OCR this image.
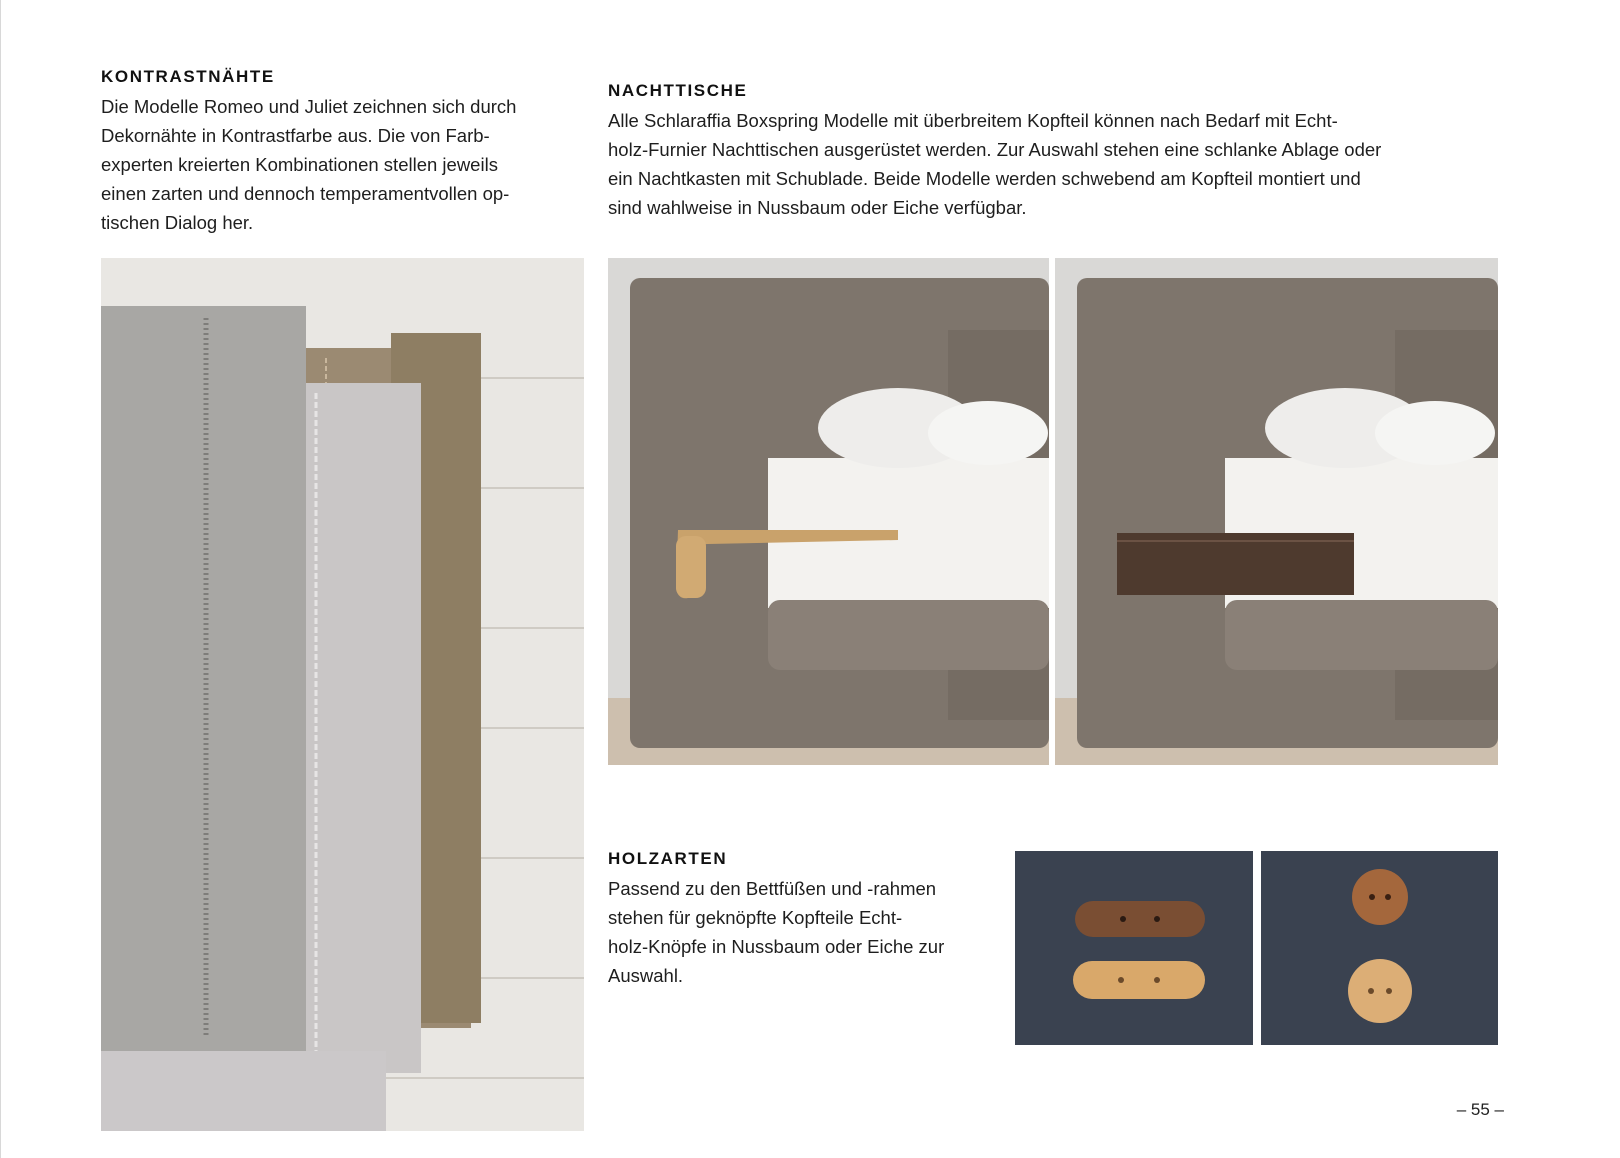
KONTRASTNÄHTE
Die Modelle Romeo und Juliet zeichnen sich durch
Dekornähte in Kontrastfarbe aus. Die von Farb-
experten kreierten Kombinationen stellen jeweils
einen zarten und dennoch temperamentvollen op-
tischen Dialog her.
NACHTTISCHE
Alle Schlaraffia Boxspring Modelle mit überbreitem Kopfteil können nach Bedarf mit Echt-
holz-Furnier Nachttischen ausgerüstet werden. Zur Auswahl stehen eine schlanke Ablage oder
ein Nachtkasten mit Schublade. Beide Modelle werden schwebend am Kopfteil montiert und
sind wahlweise in Nussbaum oder Eiche verfügbar.
HOLZARTEN
Passend zu den Bettfüßen und -rahmen
stehen für geknöpfte Kopfteile Echt-
holz-Knöpfe in Nussbaum oder Eiche zur
Auswahl.
– 55 –
